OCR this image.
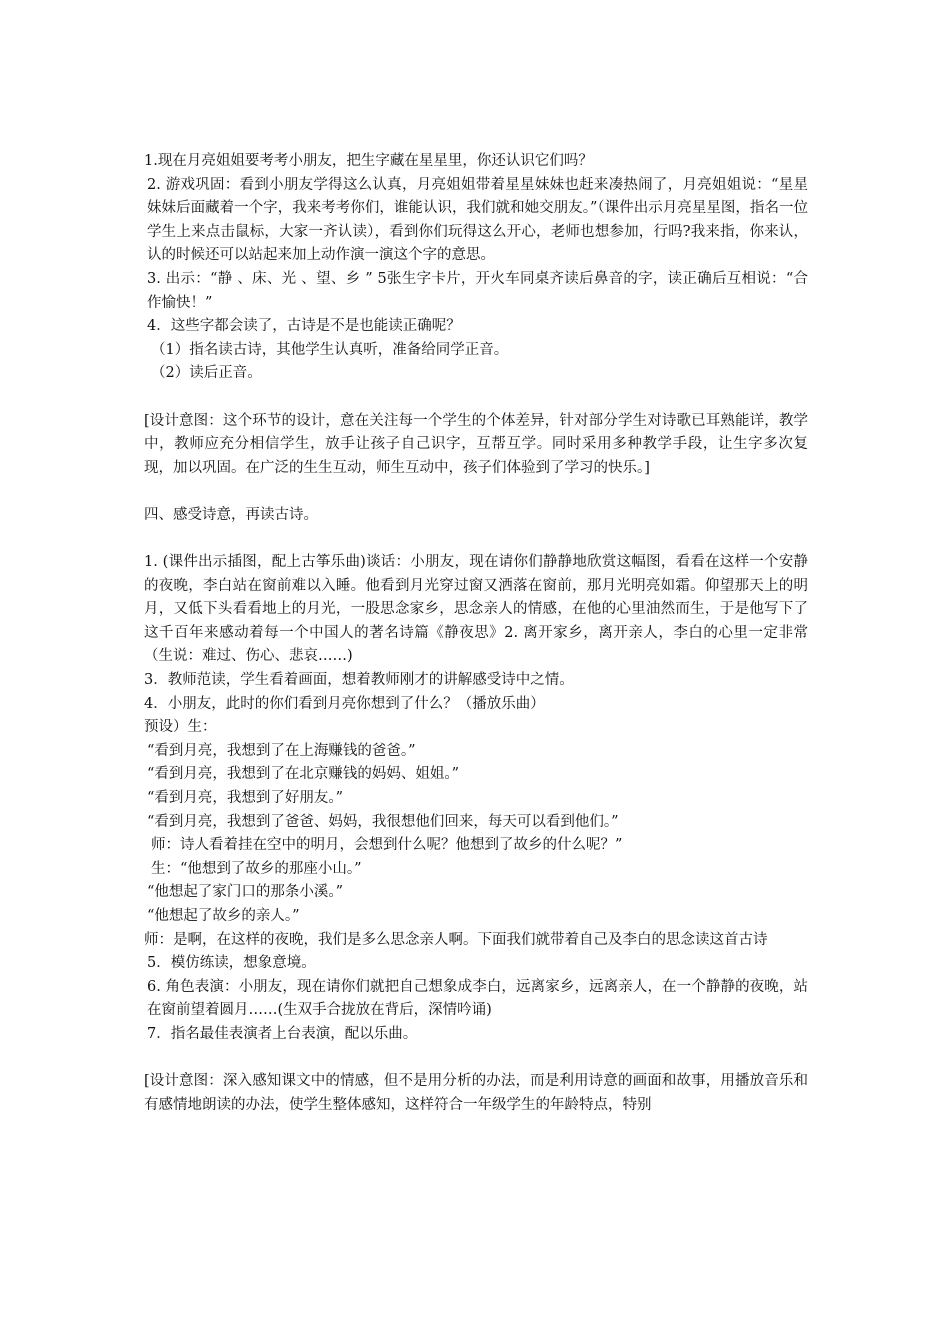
1.现在月亮姐姐要考考小朋友，把生字藏在星星里，你还认识它们吗？

2. 游戏巩固：看到小朋友学得这么认真，月亮姐姐带着星星妹妹也赶来凑热闹了，月亮姐姐说：“星星妹妹后面藏着一个字，我来考考你们，谁能认识，我们就和她交朋友。”（课件出示月亮星星图，指名一位学生上来点击鼠标，大家一齐认读），看到你们玩得这么开心，老师也想参加，行吗?我来指，你来认，认的时候还可以站起来加上动作演一演这个字的意思。

3. 出示：“静 、床、光 、望、乡 ” 5张生字卡片，开火车同桌齐读后鼻音的字，读正确后互相说：“合作愉快！”

4．这些字都会读了，古诗是不是也能读正确呢？

（1）指名读古诗，其他学生认真听，准备给同学正音。

（2）读后正音。

[设计意图：这个环节的设计，意在关注每一个学生的个体差异，针对部分学生对诗歌已耳熟能详，教学中，教师应充分相信学生，放手让孩子自己识字，互帮互学。同时采用多种教学手段，让生字多次复现，加以巩固。在广泛的生生互动，师生互动中，孩子们体验到了学习的快乐。]

四、感受诗意，再读古诗。

1. (课件出示插图，配上古筝乐曲)谈话：小朋友，现在请你们静静地欣赏这幅图，看看在这样一个安静的夜晚，李白站在窗前难以入睡。他看到月光穿过窗又洒落在窗前，那月光明亮如霜。仰望那天上的明月，又低下头看看地上的月光，一股思念家乡，思念亲人的情感，在他的心里油然而生，于是他写下了这千百年来感动着每一个中国人的著名诗篇《静夜思》2. 离开家乡，离开亲人，李白的心里一定非常（生说：难过、伤心、悲哀……)

3．教师范读，学生看着画面，想着教师刚才的讲解感受诗中之情。

4．小朋友，此时的你们看到月亮你想到了什么？（播放乐曲）

预设）生：

“看到月亮，我想到了在上海赚钱的爸爸。”

“看到月亮，我想到了在北京赚钱的妈妈、姐姐。”

“看到月亮，我想到了好朋友。”

“看到月亮，我想到了爸爸、妈妈，我很想他们回来，每天可以看到他们。”

师：诗人看着挂在空中的明月，会想到什么呢？他想到了故乡的什么呢？”

生：“他想到了故乡的那座小山。”

“他想起了家门口的那条小溪。”

“他想起了故乡的亲人。”

师：是啊，在这样的夜晚，我们是多么思念亲人啊。下面我们就带着自己及李白的思念读这首古诗

5．模仿练读，想象意境。

6. 角色表演：小朋友，现在请你们就把自己想象成李白，远离家乡，远离亲人，在一个静静的夜晚，站在窗前望着圆月……(生双手合拢放在背后，深情吟诵)

7．指名最佳表演者上台表演，配以乐曲。

[设计意图：深入感知课文中的情感，但不是用分析的办法，而是利用诗意的画面和故事，用播放音乐和有感情地朗读的办法，使学生整体感知，这样符合一年级学生的年龄特点，特别
